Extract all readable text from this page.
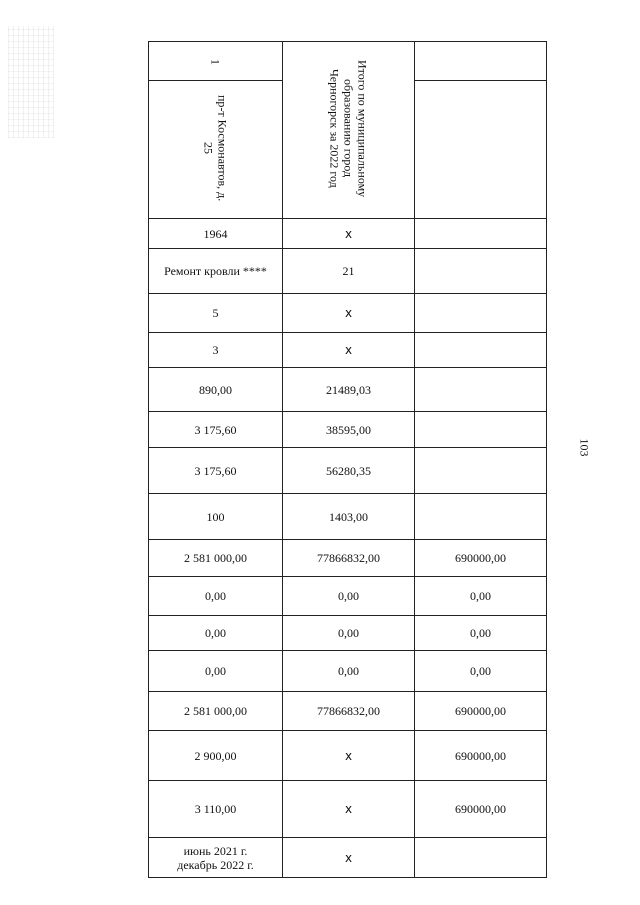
103
1	Итого по муниципальному образованию город Черногорск за 2022 год	
пр-т Космонавтов, д. 25		
1964	x	
Ремонт кровли ****	21	
5	x	
3	x	
890,00	21489,03	
3 175,60	38595,00	
3 175,60	56280,35	
100	1403,00	
2 581 000,00	77866832,00	690000,00
0,00	0,00	0,00
0,00	0,00	0,00
0,00	0,00	0,00
2 581 000,00	77866832,00	690000,00
2 900,00	x	690000,00
3 110,00	x	690000,00

июнь 2021 г.
декабрь 2022 г.	x	
